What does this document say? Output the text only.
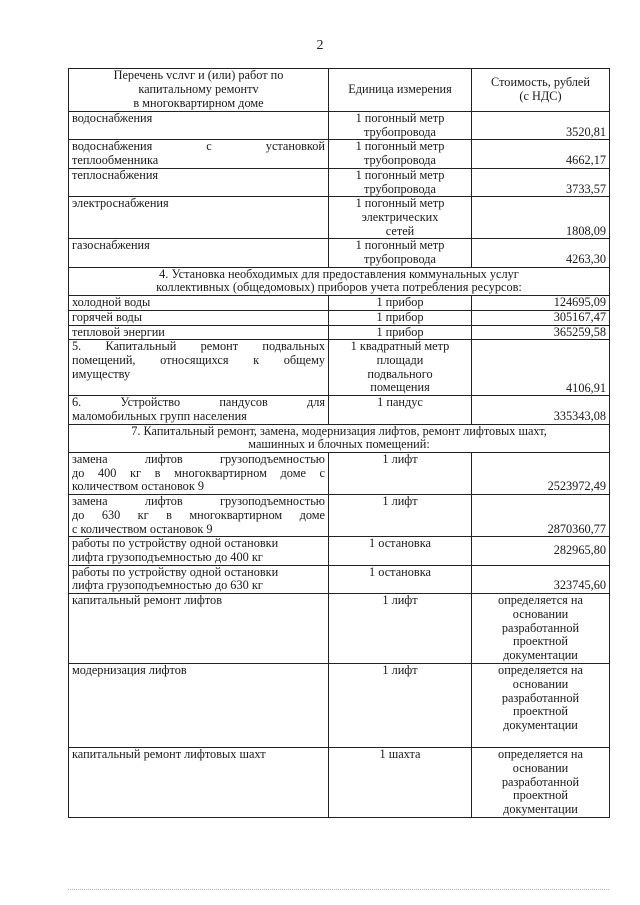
2
Перечень vcлvг и (или) работ по
капитальному ремонтv
в многоквартирном доме	Единица измерения	Стоимость, рублей
(с НДС)

водоснабжения	1 погонный метр
трубопровода	3520,81

водоснабжения с установкой
теплообменника	1 погонный метр
трубопровода	4662,17

теплоснабжения	1 погонный метр
трубопровода	3733,57

электроснабжения	1 погонный метр
электрических
сетей	1808,09

газоснабжения	1 погонный метр
трубопровода	4263,30

4. Установка необходимых для предоставления коммунальных услуг
коллективных (общедомовых) приборов учета потребления ресурсов:		

холодной воды	1 прибор	124695,09

горячей воды	1 прибор	305167,47

тепловой энергии	1 прибор	365259,58

5. Капитальный ремонт подвальных
помещений, относящихся к общему
имуществу	1 квадратный метр
площади
подвального
помещения	4106,91

6. Устройство пандусов для
маломобильных групп населения	1 пандус	335343,08

7. Капитальный ремонт, замена, модернизация лифтов, ремонт лифтовых шахт,
машинных и блочных помещений:		

замена лифтов грузоподъемностью
до 400 кг в многоквартирном доме с
количеством остановок 9	1 лифт	2523972,49

замена лифтов грузоподъемностью
до 630 кг в многоквартирном доме
с количеством остановок 9	1 лифт	2870360,77

работы по устройству одной остановки
лифта грузоподъемностью до 400 кг	1 остановка	282965,80

работы по устройству одной остановки
лифта грузоподъемностью до 630 кг	1 остановка	323745,60

капитальный ремонт лифтов	1 лифт	определяется на
основании
разработанной
проектной
документации

модернизация лифтов	1 лифт	определяется на
основании
разработанной
проектной
документации

капитальный ремонт лифтовых шахт	1 шахта	определяется на
основании
разработанной
проектной
документации
